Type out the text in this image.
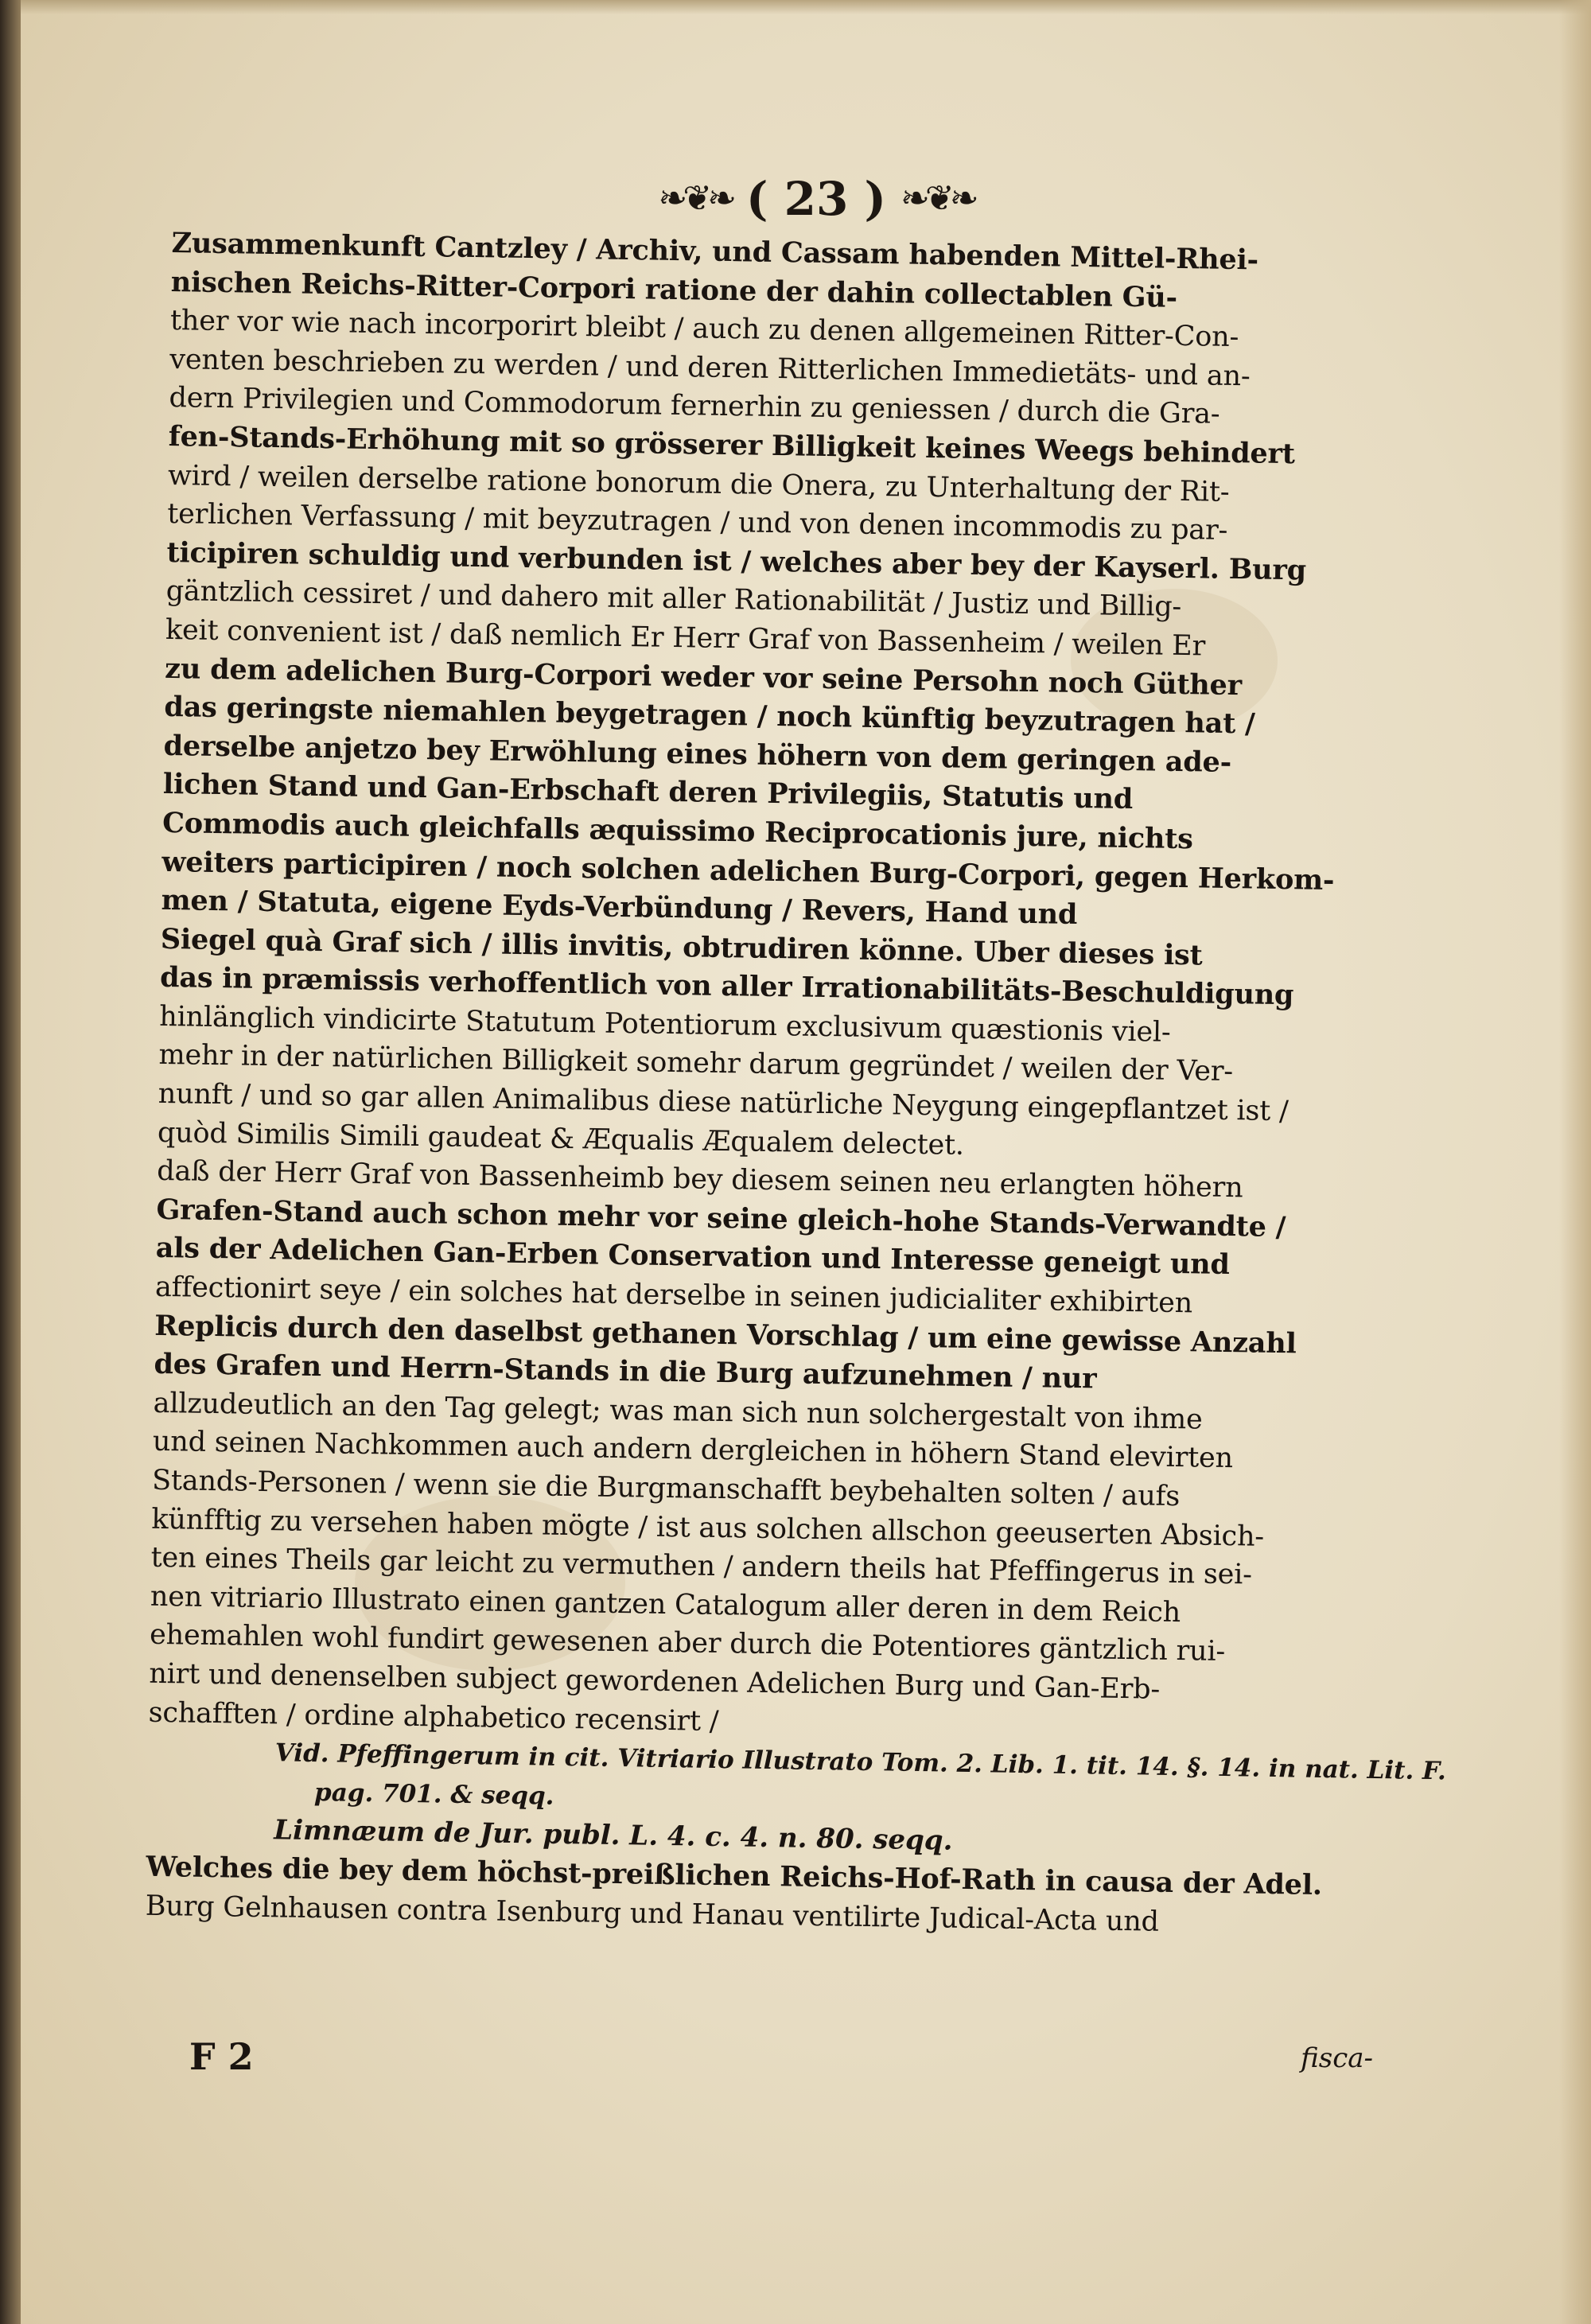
❧❦❧ ( 23 ) ❧❦❧
Zusammenkunft Cantzley / Archiv, und Cassam habenden Mittel-Rhei-
nischen Reichs-Ritter-Corpori ratione der dahin collectablen Gü-
ther vor wie nach incorporirt bleibt / auch zu denen allgemeinen Ritter-Con-
venten beschrieben zu werden / und deren Ritterlichen Immedietäts- und an-
dern Privilegien und Commodorum fernerhin zu geniessen / durch die Gra-
fen-Stands-Erhöhung mit so grösserer Billigkeit keines Weegs behindert
wird / weilen derselbe ratione bonorum die Onera, zu Unterhaltung der Rit-
terlichen Verfassung / mit beyzutragen / und von denen incommodis zu par-
ticipiren schuldig und verbunden ist / welches aber bey der Kayserl. Burg
gäntzlich cessiret / und dahero mit aller Rationabilität / Justiz und Billig-
keit convenient ist / daß nemlich Er Herr Graf von Bassenheim / weilen Er
zu dem adelichen Burg-Corpori weder vor seine Persohn noch Güther
das geringste niemahlen beygetragen / noch künftig beyzutragen hat /
derselbe anjetzo bey Erwöhlung eines höhern von dem geringen ade-
lichen Stand und Gan-Erbschaft deren Privilegiis, Statutis und
Commodis auch gleichfalls æquissimo Reciprocationis jure, nichts
weiters participiren / noch solchen adelichen Burg-Corpori, gegen Herkom-
men / Statuta, eigene Eyds-Verbündung / Revers, Hand und
Siegel quà Graf sich / illis invitis, obtrudiren könne. Uber dieses ist
das in præmissis verhoffentlich von aller Irrationabilitäts-Beschuldigung
hinlänglich vindicirte Statutum Potentiorum exclusivum quæstionis viel-
mehr in der natürlichen Billigkeit somehr darum gegründet / weilen der Ver-
nunft / und so gar allen Animalibus diese natürliche Neygung eingepflantzet ist /
quòd Similis Simili gaudeat & Æqualis Æqualem delectet.
daß der Herr Graf von Bassenheimb bey diesem seinen neu erlangten höhern
Grafen-Stand auch schon mehr vor seine gleich-hohe Stands-Verwandte /
als der Adelichen Gan-Erben Conservation und Interesse geneigt und
affectionirt seye / ein solches hat derselbe in seinen judicialiter exhibirten
Replicis durch den daselbst gethanen Vorschlag / um eine gewisse Anzahl
des Grafen und Herrn-Stands in die Burg aufzunehmen / nur
allzudeutlich an den Tag gelegt; was man sich nun solchergestalt von ihme
und seinen Nachkommen auch andern dergleichen in höhern Stand elevirten
Stands-Personen / wenn sie die Burgmanschafft beybehalten solten / aufs
künfftig zu versehen haben mögte / ist aus solchen allschon geeuserten Absich-
ten eines Theils gar leicht zu vermuthen / andern theils hat Pfeffingerus in sei-
nen vitriario Illustrato einen gantzen Catalogum aller deren in dem Reich
ehemahlen wohl fundirt gewesenen aber durch die Potentiores gäntzlich rui-
nirt und denenselben subject gewordenen Adelichen Burg und Gan-Erb-
schafften / ordine alphabetico recensirt /
Vid. Pfeffingerum in cit. Vitriario Illustrato Tom. 2. Lib. 1. tit. 14. §. 14. in nat. Lit. F.
pag. 701. & seqq.
Limnæum de Jur. publ. L. 4. c. 4. n. 80. seqq.
Welches die bey dem höchst-preißlichen Reichs-Hof-Rath in causa der Adel.
Burg Gelnhausen contra Isenburg und Hanau ventilirte Judical-Acta und
F 2	fisca-
